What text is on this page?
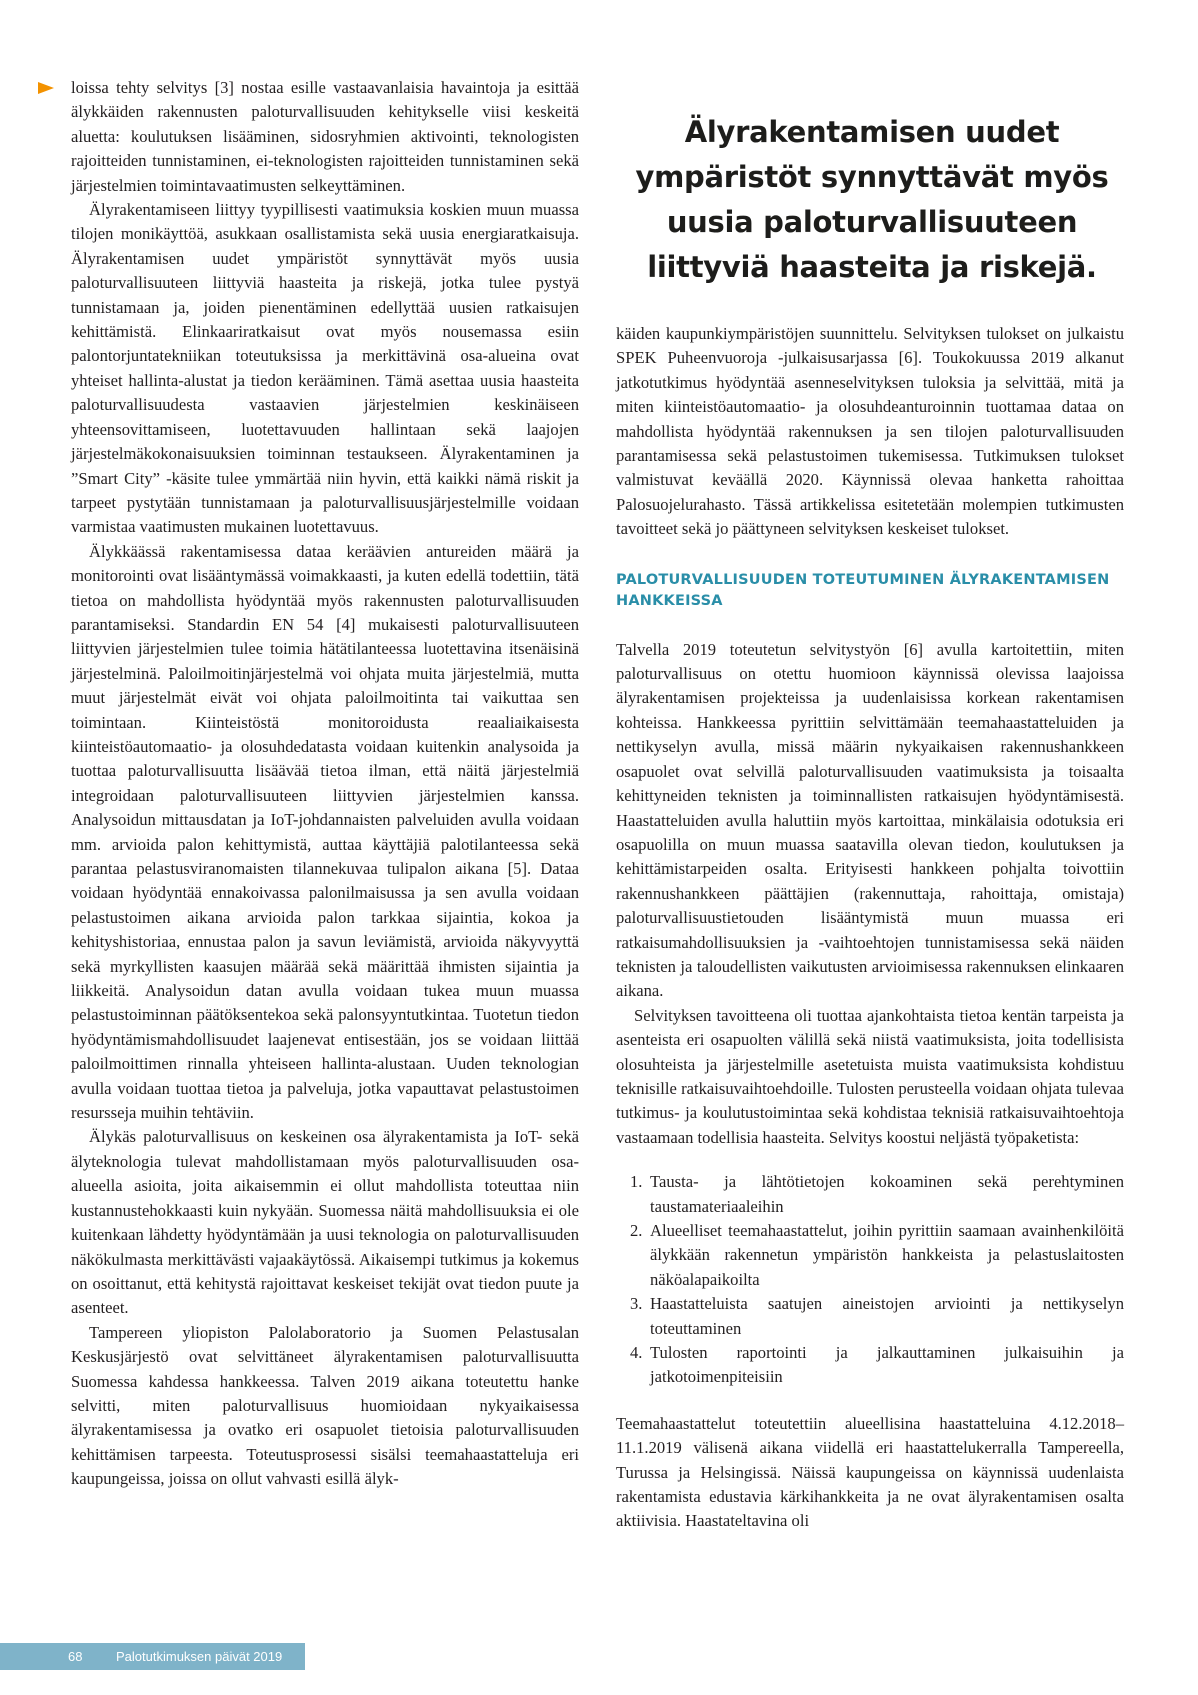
loissa tehty selvitys [3] nostaa esille vastaavanlaisia havaintoja ja esittää älykkäiden rakennusten paloturvallisuuden kehitykselle viisi keskeitä aluetta: koulutuksen lisääminen, sidosryhmien aktivointi, teknologisten rajoitteiden tunnistaminen, ei-teknologisten rajoitteiden tunnistaminen sekä järjestelmien toimintavaatimusten selkeyttäminen.

Älyrakentamiseen liittyy tyypillisesti vaatimuksia koskien muun muassa tilojen monikäyttöä, asukkaan osallistamista sekä uusia energiaratkaisuja. Älyrakentamisen uudet ympäristöt synnyttävät myös uusia paloturvallisuuteen liittyviä haasteita ja riskejä, jotka tulee pystyä tunnistamaan ja, joiden pienentäminen edellyttää uusien ratkaisujen kehittämistä. Elinkaariratkaisut ovat myös nousemassa esiin palontorjuntatekniikan toteutuksissa ja merkittävinä osa-alueina ovat yhteiset hallinta-alustat ja tiedon kerääminen. Tämä asettaa uusia haasteita paloturvallisuudesta vastaavien järjestelmien keskinäiseen yhteensovittamiseen, luotettavuuden hallintaan sekä laajojen järjestelmäkokonaisuuksien toiminnan testaukseen. Älyrakentaminen ja ”Smart City” -käsite tulee ymmärtää niin hyvin, että kaikki nämä riskit ja tarpeet pystytään tunnistamaan ja paloturvallisuusjärjestelmille voidaan varmistaa vaatimusten mukainen luotettavuus.

Älykkäässä rakentamisessa dataa keräävien antureiden määrä ja monitorointi ovat lisääntymässä voimakkaasti, ja kuten edellä todettiin, tätä tietoa on mahdollista hyödyntää myös rakennusten paloturvallisuuden parantamiseksi. Standardin EN 54 [4] mukaisesti paloturvallisuuteen liittyvien järjestelmien tulee toimia hätätilanteessa luotettavina itsenäisinä järjestelminä. Paloilmoitinjärjestelmä voi ohjata muita järjestelmiä, mutta muut järjestelmät eivät voi ohjata paloilmoitinta tai vaikuttaa sen toimintaan. Kiinteistöstä monitoroidusta reaaliaikaisesta kiinteistöautomaatio- ja olosuhdedatasta voidaan kuitenkin analysoida ja tuottaa paloturvallisuutta lisäävää tietoa ilman, että näitä järjestelmiä integroidaan paloturvallisuuteen liittyvien järjestelmien kanssa. Analysoidun mittausdatan ja IoT-johdannaisten palveluiden avulla voidaan mm. arvioida palon kehittymistä, auttaa käyttäjiä palotilanteessa sekä parantaa pelastusviranomaisten tilannekuvaa tulipalon aikana [5]. Dataa voidaan hyödyntää ennakoivassa palonilmaisussa ja sen avulla voidaan pelastustoimen aikana arvioida palon tarkkaa sijaintia, kokoa ja kehityshistoriaa, ennustaa palon ja savun leviämistä, arvioida näkyvyyttä sekä myrkyllisten kaasujen määrää sekä määrittää ihmisten sijaintia ja liikkeitä. Analysoidun datan avulla voidaan tukea muun muassa pelastustoiminnan päätöksentekoa sekä palonsyyntutkintaa. Tuotetun tiedon hyödyntämismahdollisuudet laajenevat entisestään, jos se voidaan liittää paloilmoittimen rinnalla yhteiseen hallinta-alustaan. Uuden teknologian avulla voidaan tuottaa tietoa ja palveluja, jotka vapauttavat pelastustoimen resursseja muihin tehtäviin.

Älykäs paloturvallisuus on keskeinen osa älyrakentamista ja IoT- sekä älyteknologia tulevat mahdollistamaan myös paloturvallisuuden osa-alueella asioita, joita aikaisemmin ei ollut mahdollista toteuttaa niin kustannustehokkaasti kuin nykyään. Suomessa näitä mahdollisuuksia ei ole kuitenkaan lähdetty hyödyntämään ja uusi teknologia on paloturvallisuuden näkökulmasta merkittävästi vajaakäytössä. Aikaisempi tutkimus ja kokemus on osoittanut, että kehitystä rajoittavat keskeiset tekijät ovat tiedon puute ja asenteet.

Tampereen yliopiston Palolaboratorio ja Suomen Pelastusalan Keskusjärjestö ovat selvittäneet älyrakentamisen paloturvallisuutta Suomessa kahdessa hankkeessa. Talven 2019 aikana toteutettu hanke selvitti, miten paloturvallisuus huomioidaan nykyaikaisessa älyrakentamisessa ja ovatko eri osapuolet tietoisia paloturvallisuuden kehittämisen tarpeesta. Toteutusprosessi sisälsi teemahaastatteluja eri kaupungeissa, joissa on ollut vahvasti esillä älyk-

Älyrakentamisen uudet ympäristöt synnyttävät myös uusia paloturvallisuuteen liittyviä haasteita ja riskejä.

käiden kaupunkiympäristöjen suunnittelu. Selvityksen tulokset on julkaistu SPEK Puheenvuoroja -julkaisusarjassa [6]. Toukokuussa 2019 alkanut jatkotutkimus hyödyntää asenneselvityksen tuloksia ja selvittää, mitä ja miten kiinteistöautomaatio- ja olosuhdeanturoinnin tuottamaa dataa on mahdollista hyödyntää rakennuksen ja sen tilojen paloturvallisuuden parantamisessa sekä pelastustoimen tukemisessa. Tutkimuksen tulokset valmistuvat keväällä 2020. Käynnissä olevaa hanketta rahoittaa Palosuojelurahasto. Tässä artikkelissa esitetetään molempien tutkimusten tavoitteet sekä jo päättyneen selvityksen keskeiset tulokset.

PALOTURVALLISUUDEN TOTEUTUMINEN ÄLYRAKENTAMISEN HANKKEISSA

Talvella 2019 toteutetun selvitystyön [6] avulla kartoitettiin, miten paloturvallisuus on otettu huomioon käynnissä olevissa laajoissa älyrakentamisen projekteissa ja uudenlaisissa korkean rakentamisen kohteissa. Hankkeessa pyrittiin selvittämään teemahaastatteluiden ja nettikyselyn avulla, missä määrin nykyaikaisen rakennushankkeen osapuolet ovat selvillä paloturvallisuuden vaatimuksista ja toisaalta kehittyneiden teknisten ja toiminnallisten ratkaisujen hyödyntämisestä. Haastatteluiden avulla haluttiin myös kartoittaa, minkälaisia odotuksia eri osapuolilla on muun muassa saatavilla olevan tiedon, koulutuksen ja kehittämistarpeiden osalta. Erityisesti hankkeen pohjalta toivottiin rakennushankkeen päättäjien (rakennuttaja, rahoittaja, omistaja) paloturvallisuustietouden lisääntymistä muun muassa eri ratkaisumahdollisuuksien ja -vaihtoehtojen tunnistamisessa sekä näiden teknisten ja taloudellisten vaikutusten arvioimisessa rakennuksen elinkaaren aikana.

Selvityksen tavoitteena oli tuottaa ajankohtaista tietoa kentän tarpeista ja asenteista eri osapuolten välillä sekä niistä vaatimuksista, joita todellisista olosuhteista ja järjestelmille asetetuista muista vaatimuksista kohdistuu teknisille ratkaisuvaihtoehdoille. Tulosten perusteella voidaan ohjata tulevaa tutkimus- ja koulutustoimintaa sekä kohdistaa teknisiä ratkaisuvaihtoehtoja vastaamaan todellisia haasteita. Selvitys koostui neljästä työpaketista:

1. Tausta- ja lähtötietojen kokoaminen sekä perehtyminen taustamateriaaleihin
2. Alueelliset teemahaastattelut, joihin pyrittiin saamaan avainhenkilöitä älykkään rakennetun ympäristön hankkeista ja pelastuslaitosten näköalapaikoilta
3. Haastatteluista saatujen aineistojen arviointi ja nettikyselyn toteuttaminen
4. Tulosten raportointi ja jalkauttaminen julkaisuihin ja jatkotoimenpiteisiin

Teemahaastattelut toteutettiin alueellisina haastatteluina 4.12.2018–11.1.2019 välisenä aikana viidellä eri haastattelukerralla Tampereella, Turussa ja Helsingissä. Näissä kaupungeissa on käynnissä uudenlaista rakentamista edustavia kärkihankkeita ja ne ovat älyrakentamisen osalta aktiivisia. Haastateltavina oli

68	Palotutkimuksen päivät 2019
